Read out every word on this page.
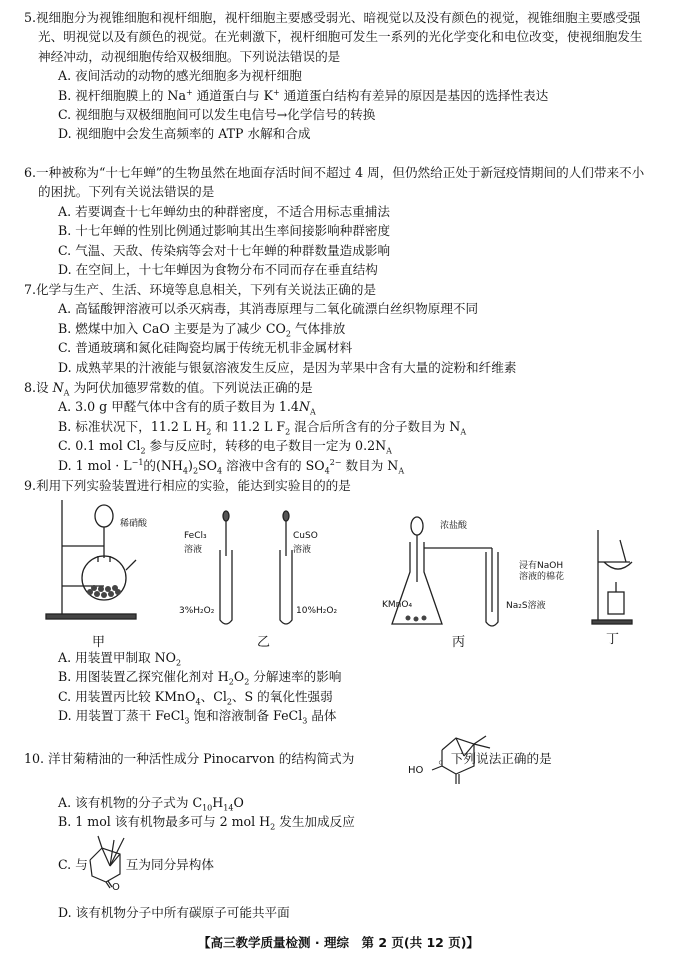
5.视细胞分为视锥细胞和视杆细胞，视杆细胞主要感受弱光、暗视觉以及没有颜色的视觉，视锥细胞主要感受强光、明视觉以及有颜色的视觉。在光刺激下，视杆细胞可发生一系列的光化学变化和电位改变，使视细胞发生神经冲动，动视细胞传给双极细胞。下列说法错误的是
A. 夜间活动的动物的感光细胞多为视杆细胞
B. 视杆细胞膜上的 Na+ 通道蛋白与 K+ 通道蛋白结构有差异的原因是基因的选择性表达
C. 视细胞与双极细胞间可以发生电信号→化学信号的转换
D. 视细胞中会发生高频率的 ATP 水解和合成
6.一种被称为“十七年蝉”的生物虽然在地面存活时间不超过 4 周，但仍然给正处于新冠疫情期间的人们带来不小的困扰。下列有关说法错误的是
A. 若要调查十七年蝉幼虫的种群密度，不适合用标志重捕法
B. 十七年蝉的性别比例通过影响其出生率间接影响种群密度
C. 气温、天敌、传染病等会对十七年蝉的种群数量造成影响
D. 在空间上，十七年蝉因为食物分布不同而存在垂直结构
7.化学与生产、生活、环境等息息相关，下列有关说法正确的是
A. 高锰酸钾溶液可以杀灭病毒，其消毒原理与二氧化硫漂白丝织物原理不同
B. 燃煤中加入 CaO 主要是为了减少 $CO_2$ 气体排放
C. 普通玻璃和氮化硅陶瓷均属于传统无机非金属材料
D. 成熟苹果的汁液能与银氨溶液发生反应，是因为苹果中含有大量的淀粉和纤维素
8.设 $N_A$ 为阿伏加德罗常数的值。下列说法正确的是
A. 3.0 g 甲醛气体中含有的质子数目为 $1.4N_A$
B. 标准状况下，11.2 L $H_2$ 和 11.2 L $F_2$ 混合后所含有的分子数目为 $N_A$
C. 0.1 mol $Cl_2$ 参与反应时，转移的电子数目一定为 $0.2N_A$
D. 1 mol · $L^{-1}$的$(NH_4)_2SO_4$ 溶液中含有的 $SO_4^{2-}$ 数目为 $N_A$
9.利用下列实验装置进行相应的实验，能达到实验目的的是
稀硝酸
甲
FeCl₃
溶液
CuSO
溶液
3%H₂O₂	10%H₂O₂
乙
浓盐酸
浸有NaOH
溶液的棉花
KMnO₄	Na₂S溶液
丙	丁
A. 用装置甲制取 $NO_2$
B. 用图装置乙探究催化剂对 $H_2O_2$ 分解速率的影响
C. 用装置丙比较 KMnO$_4$、$Cl_2$、S 的氧化性强弱
D. 用装置丁蒸干 FeCl$_3$ 饱和溶液制备 FeCl$_3$ 晶体
10. 洋甘菊精油的一种活性成分 Pinocarvon 的结构简式为	。下列说法正确的是
HO
A. 该有机物的分子式为 $C_{10}H_{14}O$
B. 1 mol 该有机物最多可与 2 mol $H_2$ 发生加成反应
C. 与	互为同分异构体
O
D. 该有机物分子中所有碳原子可能共平面
【高三教学质量检测 · 理综　第 2 页(共 12 页)】
